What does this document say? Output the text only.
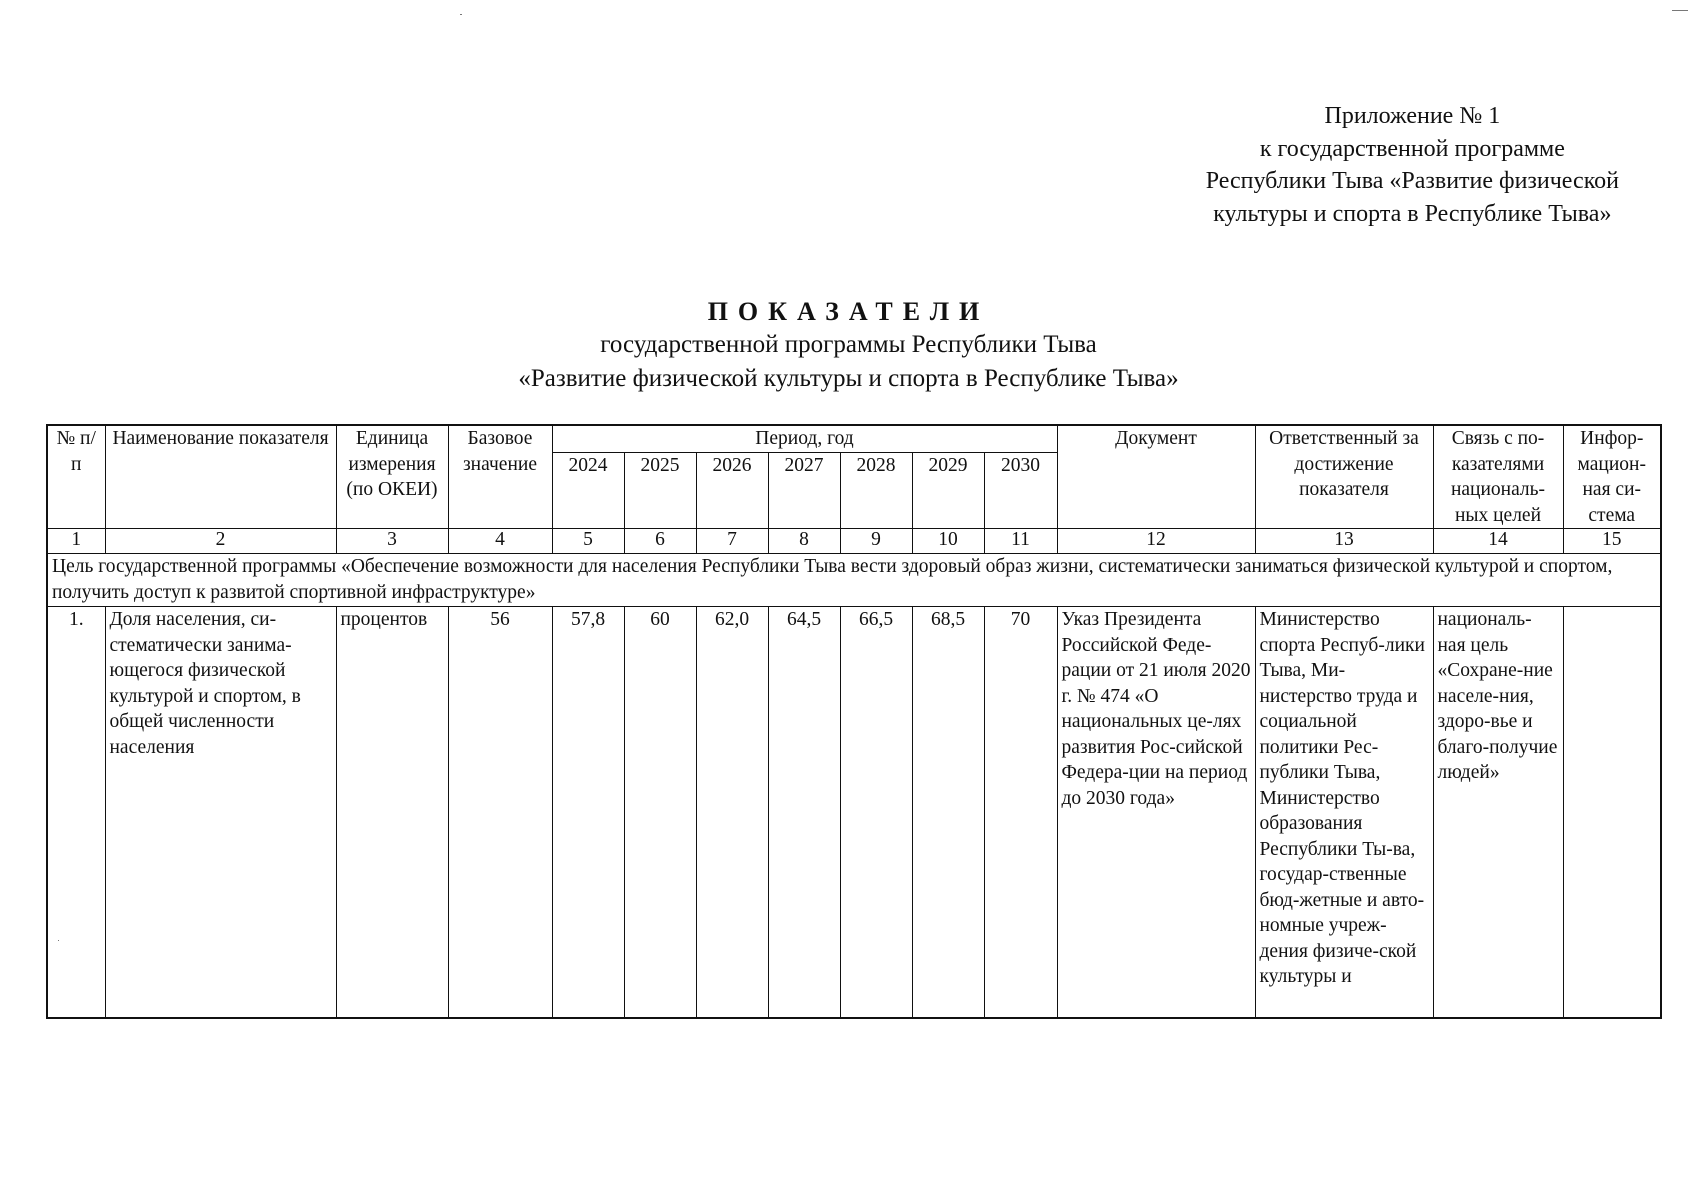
Приложение № 1
к государственной программе
Республики Тыва «Развитие физической
культуры и спорта в Республике Тыва»
ПОКАЗАТЕЛИ
государственной программы Республики Тыва
«Развитие физической культуры и спорта в Республике Тыва»
№ п/п	Наименование показателя	Единица измерения (по ОКЕИ)	Базовое значение	Период, год							Документ	Ответственный за достижение показателя	Связь с по-казателями националь-ных целей	Инфор-мацион-ная си-стема
				2024	2025	2026	2027	2028	2029	2030				
1	2	3	4	5	6	7	8	9	10	11	12	13	14	15
Цель государственной программы «Обеспечение возможности для населения Республики Тыва вести здоровый образ жизни, систематически заниматься физической культурой и спортом, получить доступ к развитой спортивной инфраструктуре»														
1.	Доля населения, си-стематически занима-ющегося физической культурой и спортом, в общей численности населения	процентов	56	57,8	60	62,0	64,5	66,5	68,5	70	Указ Президента Российской Феде-рации от 21 июля 2020 г. № 474 «О национальных це-лях развития Рос-сийской Федера-ции на период до 2030 года»	Министерство спорта Респуб-лики Тыва, Ми-нистерство труда и социальной политики Рес-публики Тыва, Министерство образования Республики Ты-ва, государ-ственные бюд-жетные и авто-номные учреж-дения физиче-ской культуры и	националь-ная цель «Сохране-ние населе-ния, здоро-вье и благо-получие людей»	
